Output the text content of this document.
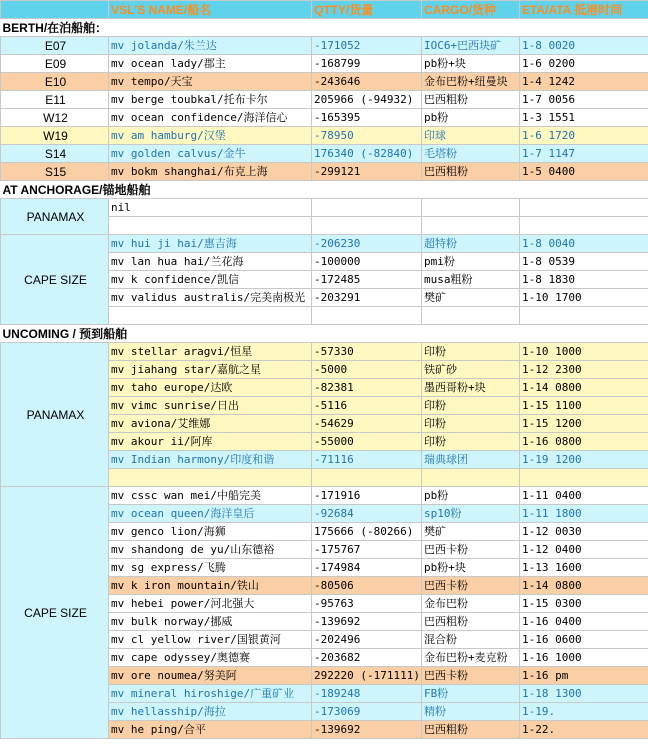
	VSL'S NAME/船名	QTTY/货量	CARGO/货种	ETA/ATA 抵港时间
BERTH/在泊船舶：				
E07	mv jolanda/朱兰达	-171052	IOC6+巴西块矿	1-8 0020
E09	mv ocean lady/郡主	-168799	pb粉+块	1-6 0200
E10	mv tempo/天宝	-243646	金布巴粉+纽曼块	1-4 1242
E11	mv berge toubkal/托布卡尔	205966 (-94932)	巴西粗粉	1-7 0056
W12	mv ocean confidence/海洋信心	-165395	pb粉	1-3 1551
W19	mv am hamburg/汉堡	-78950	印球	1-6 1720
S14	mv golden calvus/金牛	176340 (-82840)	毛塔粉	1-7 1147
S15	mv bokm shanghai/布克上海	-299121	巴西粗粉	1-5 0400
AT ANCHORAGE/锚地船舶				
PANAMAX	nil			

CAPE SIZE	mv hui ji hai/惠吉海	-206230	超特粉	1-8 0040
	mv lan hua hai/兰花海	-100000	pmi粉	1-8 0539
	mv k confidence/凯信	-172485	musa粗粉	1-8 1830
	mv validus australis/完美南极光	-203291	樊矿	1-10 1700

UNCOMING / 预到船舶				
PANAMAX	mv stellar aragvi/恒星	-57330	印粉	1-10 1000
	mv jiahang star/嘉航之星	-5000	铁矿砂	1-12 2300
	mv taho europe/达欧	-82381	墨西哥粉+块	1-14 0800
	mv vimc sunrise/日出	-5116	印粉	1-15 1100
	mv aviona/艾维娜	-54629	印粉	1-15 1200
	mv akour ii/阿库	-55000	印粉	1-16 0800
	mv Indian harmony/印度和谐	-71116	瑞典球团	1-19 1200

CAPE SIZE	mv cssc wan mei/中船完美	-171916	pb粉	1-11 0400
	mv ocean queen/海洋皇后	-92684	sp10粉	1-11 1800
	mv genco lion/海狮	175666 (-80266)	樊矿	1-12 0030
	mv shandong de yu/山东德裕	-175767	巴西卡粉	1-12 0400
	mv sg express/飞腾	-174984	pb粉+块	1-13 1600
	mv k iron mountain/铁山	-80506	巴西卡粉	1-14 0800
	mv hebei power/河北强大	-95763	金布巴粉	1-15 0300
	mv bulk norway/挪威	-139692	巴西粗粉	1-16 0400
	mv cl yellow river/国银黄河	-202496	混合粉	1-16 0600
	mv cape odyssey/奥德赛	-203682	金布巴粉+麦克粉	1-16 1000
	mv ore noumea/努美阿	292220 (-171111)	巴西卡粉	1-16 pm
	mv mineral hiroshige/广重矿业	-189248	FB粉	1-18 1300
	mv hellasship/海拉	-173069	精粉	1-19.
	mv he ping/合平	-139692	巴西粗粉	1-22.
